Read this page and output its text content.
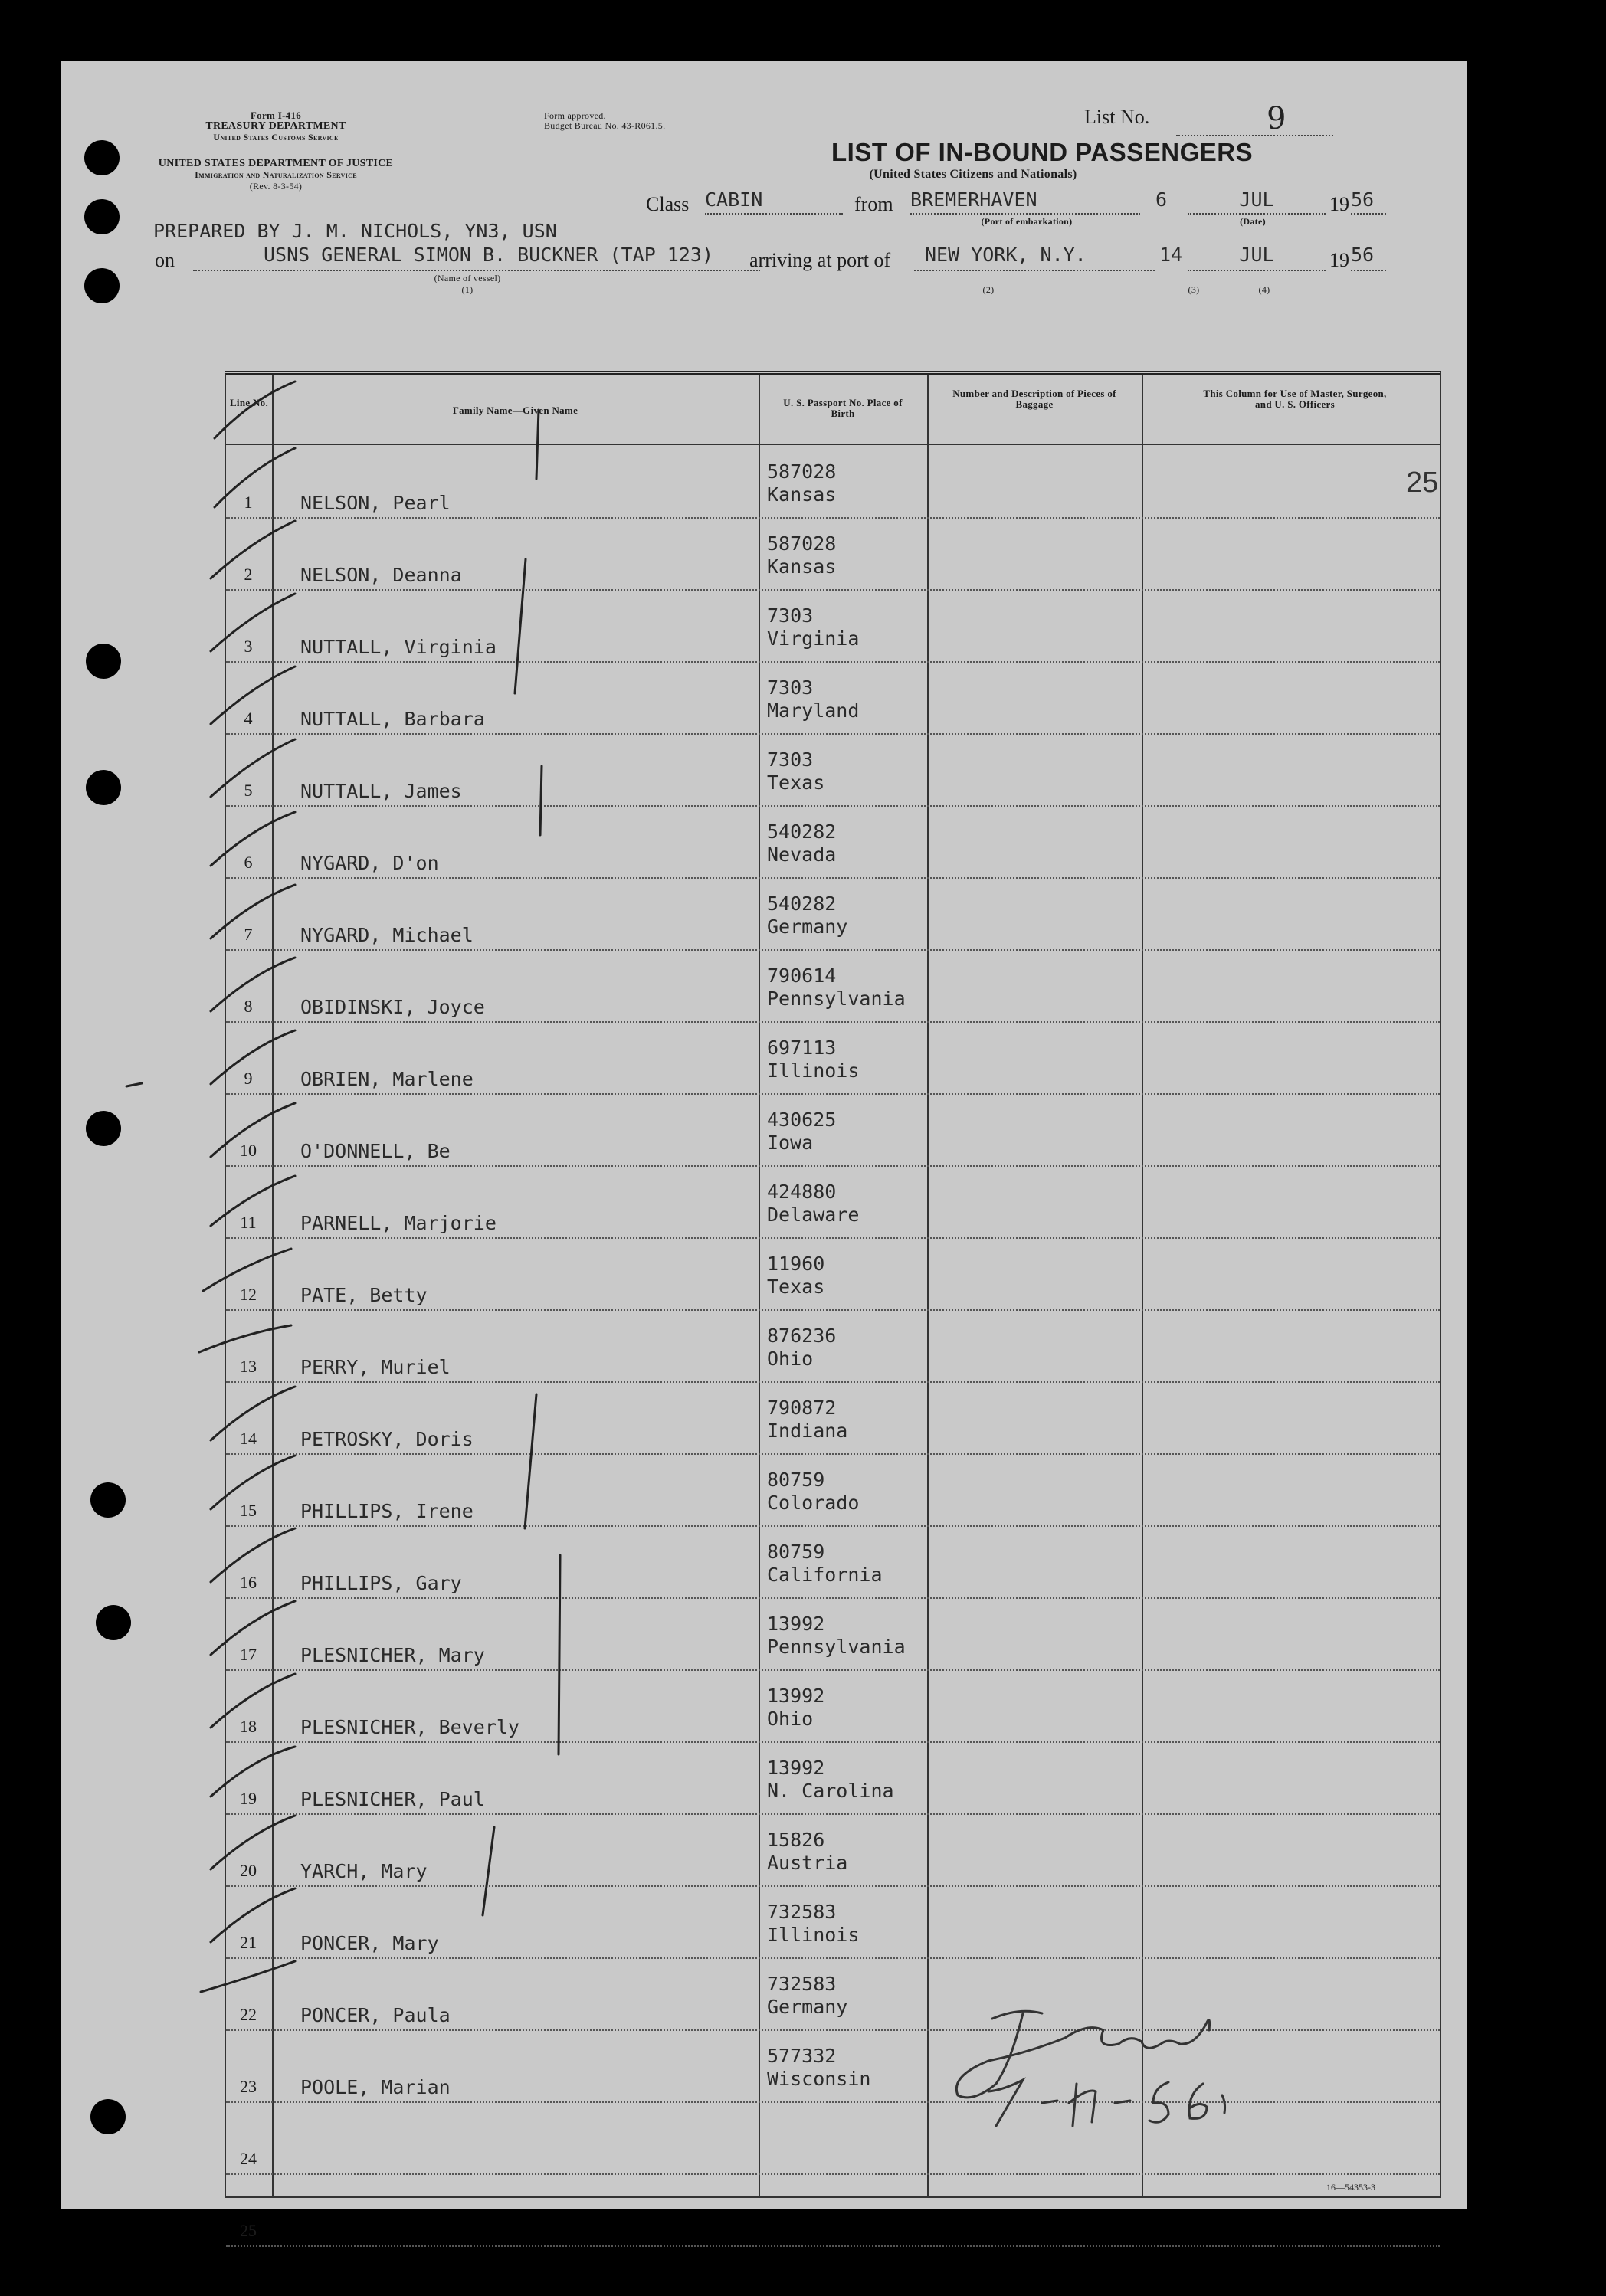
Form I-416
TREASURY DEPARTMENT
United States Customs Service
UNITED STATES DEPARTMENT OF JUSTICE
Immigration and Naturalization Service
(Rev. 8-3-54)
Form approved.
Budget Bureau No. 43-R061.5.	List No.	9
LIST OF IN-BOUND PASSENGERS
(United States Citizens and Nationals)
Class CABIN	from BREMERHAVEN
(Port of embarkation)
6	JUL
(Date)
19 56
PREPARED BY J. M. NICHOLS, YN3, USN
on	USNS GENERAL SIMON B. BUCKNER (TAP 123)
(Name of vessel)
(1)
arriving at port of	NEW YORK, N.Y.
(2)
14	JUL
(3)
19 56
(4)
Line No.
Family Name—Given Name
U. S. Passport No. Place of Birth
Number and Description of Pieces of Baggage
This Column for Use of Master, Surgeon, and U. S. Officers
25
1	NELSON, Pearl
587028
Kansas
2	NELSON, Deanna
587028
Kansas
3	NUTTALL, Virginia
7303
Virginia
4	NUTTALL, Barbara
7303
Maryland
5	NUTTALL, James
7303
Texas
6	NYGARD, D'on
540282
Nevada
7	NYGARD, Michael
540282
Germany
8	OBIDINSKI, Joyce
790614
Pennsylvania
9	OBRIEN, Marlene
697113
Illinois
10 O'DONNELL, Be
430625
Iowa
11 PARNELL, Marjorie
424880
Delaware
12 PATE, Betty
11960
Texas
13 PERRY, Muriel
876236
Ohio
14 PETROSKY, Doris
790872
Indiana
15 PHILLIPS, Irene
80759
Colorado
16 PHILLIPS, Gary
80759
California
17 PLESNICHER, Mary
13992
Pennsylvania
18 PLESNICHER, Beverly
13992
Ohio
19 PLESNICHER, Paul
13992
N. Carolina
20 YARCH, Mary
15826
Austria
21 PONCER, Mary
732583
Illinois
22 PONCER, Paula
732583
Germany
23 POOLE, Marian
577332
Wisconsin
24
25
16—54353-3
